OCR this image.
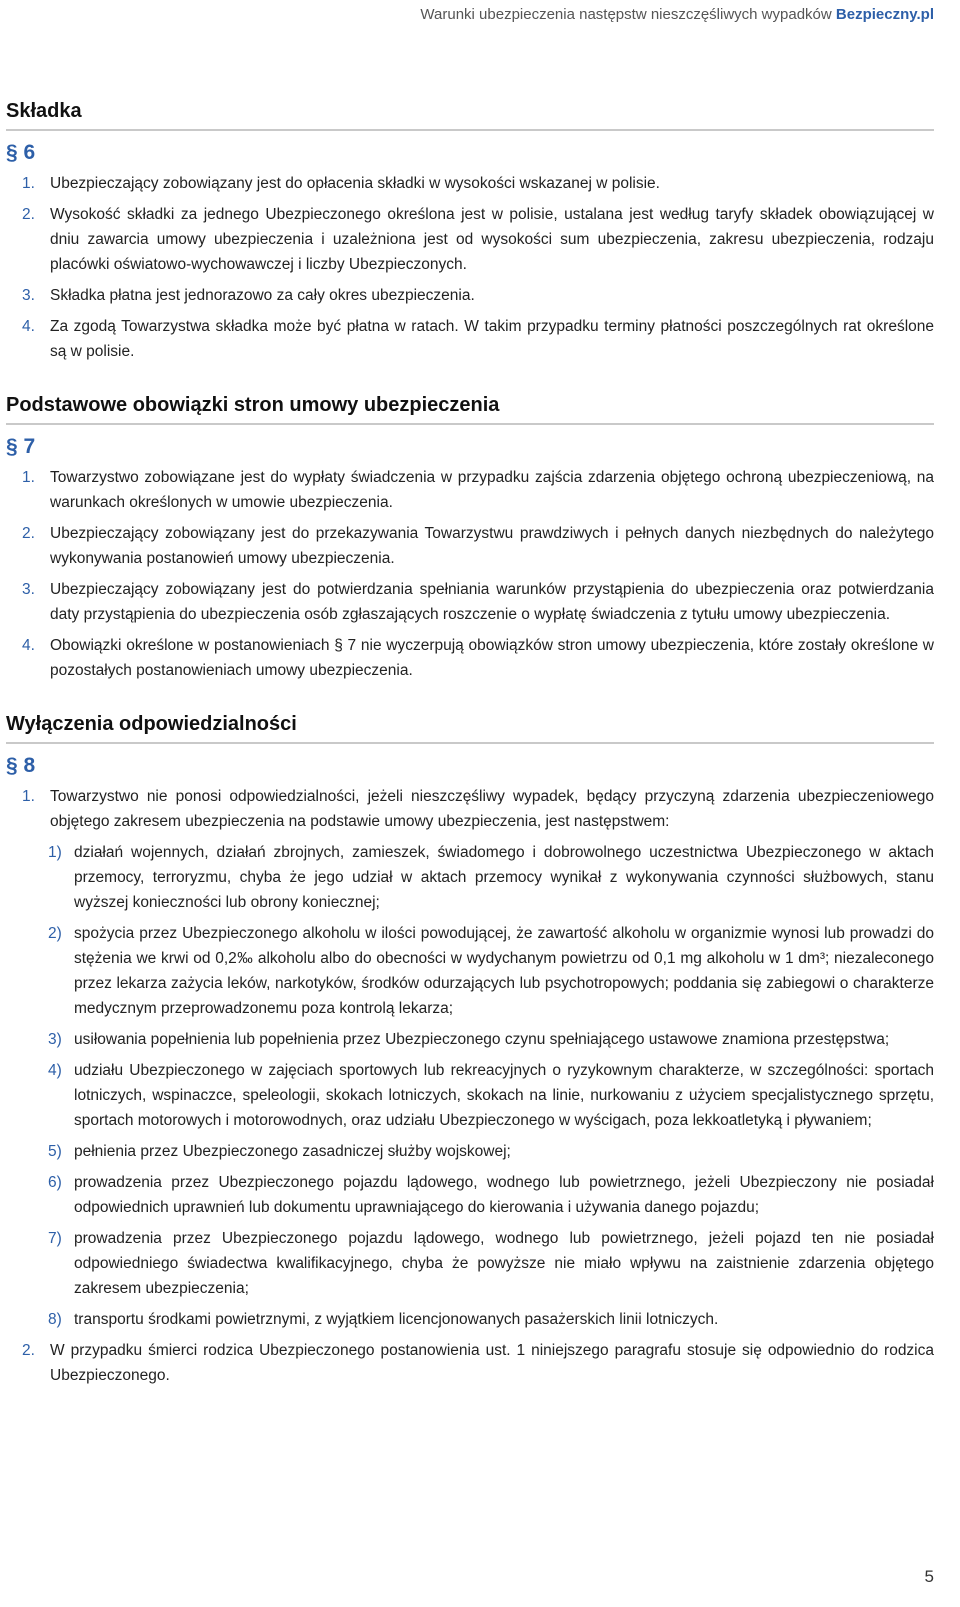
Warunki ubezpieczenia następstw nieszczęśliwych wypadków Bezpieczny.pl
Składka
§ 6
1. Ubezpieczający zobowiązany jest do opłacenia składki w wysokości wskazanej w polisie.
2. Wysokość składki za jednego Ubezpieczonego określona jest w polisie, ustalana jest według taryfy składek obowiązującej w dniu zawarcia umowy ubezpieczenia i uzależniona jest od wysokości sum ubezpieczenia, zakresu ubezpieczenia, rodzaju placówki oświatowo-wychowawczej i liczby Ubezpieczonych.
3. Składka płatna jest jednorazowo za cały okres ubezpieczenia.
4. Za zgodą Towarzystwa składka może być płatna w ratach. W takim przypadku terminy płatności poszczególnych rat określone są w polisie.
Podstawowe obowiązki stron umowy ubezpieczenia
§ 7
1. Towarzystwo zobowiązane jest do wypłaty świadczenia w przypadku zajścia zdarzenia objętego ochroną ubezpieczeniową, na warunkach określonych w umowie ubezpieczenia.
2. Ubezpieczający zobowiązany jest do przekazywania Towarzystwu prawdziwych i pełnych danych niezbędnych do należytego wykonywania postanowień umowy ubezpieczenia.
3. Ubezpieczający zobowiązany jest do potwierdzania spełniania warunków przystąpienia do ubezpieczenia oraz potwierdzania daty przystąpienia do ubezpieczenia osób zgłaszających roszczenie o wypłatę świadczenia z tytułu umowy ubezpieczenia.
4. Obowiązki określone w postanowieniach § 7 nie wyczerpują obowiązków stron umowy ubezpieczenia, które zostały określone w pozostałych postanowieniach umowy ubezpieczenia.
Wyłączenia odpowiedzialności
§ 8
1. Towarzystwo nie ponosi odpowiedzialności, jeżeli nieszczęśliwy wypadek, będący przyczyną zdarzenia ubezpieczeniowego objętego zakresem ubezpieczenia na podstawie umowy ubezpieczenia, jest następstwem:
1) działań wojennych, działań zbrojnych, zamieszek, świadomego i dobrowolnego uczestnictwa Ubezpieczonego w aktach przemocy, terroryzmu, chyba że jego udział w aktach przemocy wynikał z wykonywania czynności służbowych, stanu wyższej konieczności lub obrony koniecznej;
2) spożycia przez Ubezpieczonego alkoholu w ilości powodującej, że zawartość alkoholu w organizmie wynosi lub prowadzi do stężenia we krwi od 0,2‰ alkoholu albo do obecności w wydychanym powietrzu od 0,1 mg alkoholu w 1 dm³; niezaleconego przez lekarza zażycia leków, narkotyków, środków odurzających lub psychotropowych; poddania się zabiegowi o charakterze medycznym przeprowadzonemu poza kontrolą lekarza;
3) usiłowania popełnienia lub popełnienia przez Ubezpieczonego czynu spełniającego ustawowe znamiona przestępstwa;
4) udziału Ubezpieczonego w zajęciach sportowych lub rekreacyjnych o ryzykownym charakterze, w szczególności: sportach lotniczych, wspinaczce, speleologii, skokach lotniczych, skokach na linie, nurkowaniu z użyciem specjalistycznego sprzętu, sportach motorowych i motorowodnych, oraz udziału Ubezpieczonego w wyścigach, poza lekkoatletyką i pływaniem;
5) pełnienia przez Ubezpieczonego zasadniczej służby wojskowej;
6) prowadzenia przez Ubezpieczonego pojazdu lądowego, wodnego lub powietrznego, jeżeli Ubezpieczony nie posiadał odpowiednich uprawnień lub dokumentu uprawniającego do kierowania i używania danego pojazdu;
7) prowadzenia przez Ubezpieczonego pojazdu lądowego, wodnego lub powietrznego, jeżeli pojazd ten nie posiadał odpowiedniego świadectwa kwalifikacyjnego, chyba że powyższe nie miało wpływu na zaistnienie zdarzenia objętego zakresem ubezpieczenia;
8) transportu środkami powietrznymi, z wyjątkiem licencjonowanych pasażerskich linii lotniczych.
2. W przypadku śmierci rodzica Ubezpieczonego postanowienia ust. 1 niniejszego paragrafu stosuje się odpowiednio do rodzica Ubezpieczonego.
5
